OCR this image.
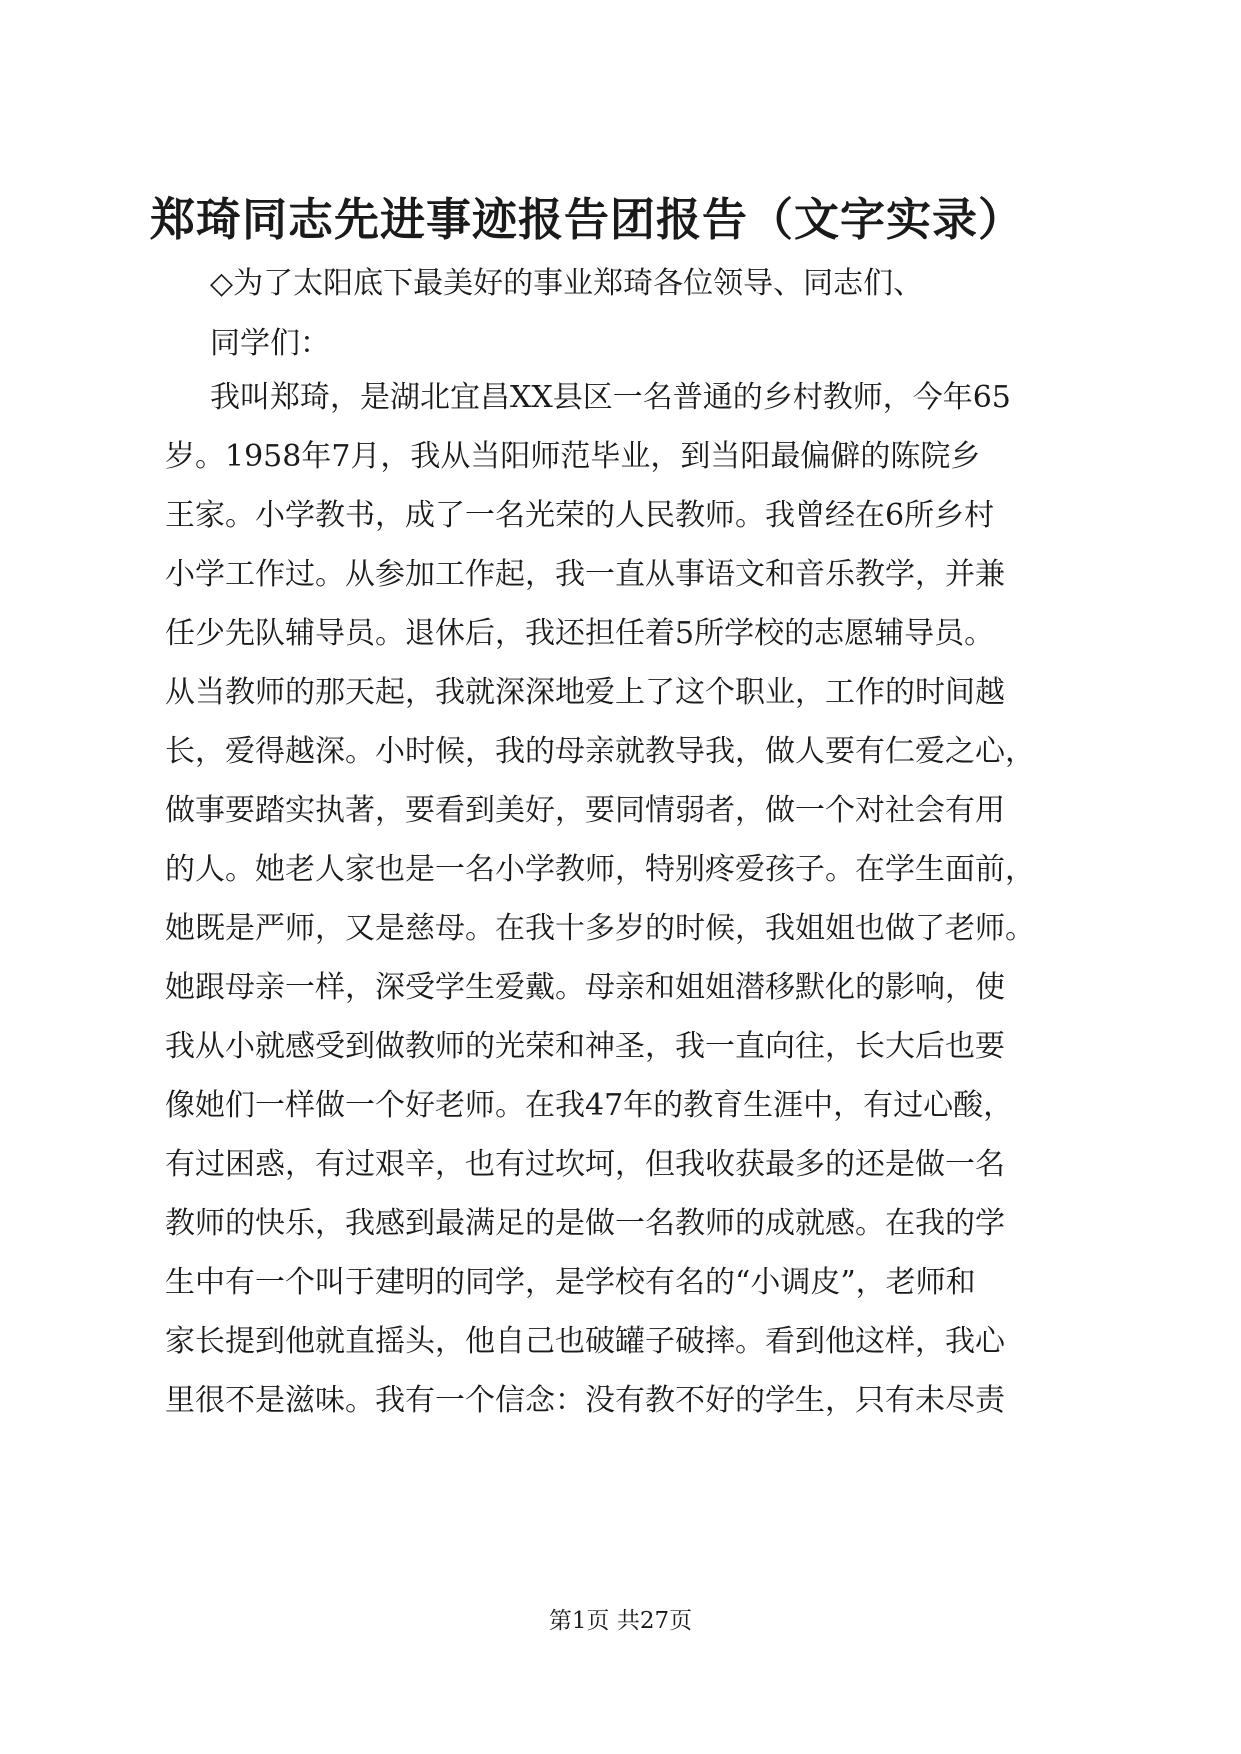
郑琦同志先进事迹报告团报告（文字实录）

◇为了太阳底下最美好的事业郑琦各位领导、同志们、

同学们：

我叫郑琦，是湖北宜昌XX县区一名普通的乡村教师，今年65

岁。1958年7月，我从当阳师范毕业，到当阳最偏僻的陈院乡

王家。小学教书，成了一名光荣的人民教师。我曾经在6所乡村

小学工作过。从参加工作起，我一直从事语文和音乐教学，并兼

任少先队辅导员。退休后，我还担任着5所学校的志愿辅导员。

从当教师的那天起，我就深深地爱上了这个职业，工作的时间越

长，爱得越深。小时候，我的母亲就教导我，做人要有仁爱之心，

做事要踏实执著，要看到美好，要同情弱者，做一个对社会有用

的人。她老人家也是一名小学教师，特别疼爱孩子。在学生面前，

她既是严师，又是慈母。在我十多岁的时候，我姐姐也做了老师。

她跟母亲一样，深受学生爱戴。母亲和姐姐潜移默化的影响，使

我从小就感受到做教师的光荣和神圣，我一直向往，长大后也要

像她们一样做一个好老师。在我47年的教育生涯中，有过心酸，

有过困惑，有过艰辛，也有过坎坷，但我收获最多的还是做一名

教师的快乐，我感到最满足的是做一名教师的成就感。在我的学

生中有一个叫于建明的同学，是学校有名的“小调皮”，老师和

家长提到他就直摇头，他自己也破罐子破摔。看到他这样，我心

里很不是滋味。我有一个信念：没有教不好的学生，只有未尽责

第1页 共27页
